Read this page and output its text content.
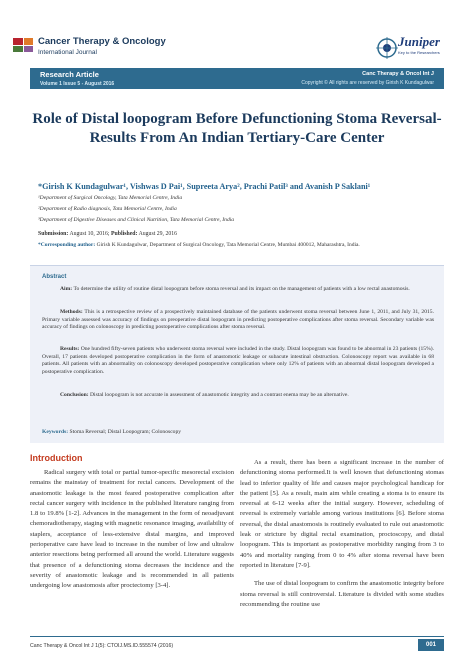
Cancer Therapy & Oncology
International Journal
Juniper
Key to the Researchers
Research Article
Volume 1 Issue 5 - August 2016
Canc Therapy & Oncol Int J
Copyright © All rights are reserved by Girish K Kundagulwar
Role of Distal loopogram Before Defunctioning Stoma Reversal-
Results From An Indian Tertiary-Care Center
*Girish K Kundagulwar¹, Vishwas D Pai¹, Supreeta Arya², Prachi Patil³ and Avanish P Saklani¹
¹Department of Surgical Oncology, Tata Memorial Centre, India
²Department of Radio diagnosis, Tata Memorial Centre, India
³Department of Digestive Diseases and Clinical Nutrition, Tata Memorial Centre, India
Submission: August 10, 2016; Published: August 29, 2016
*Corresponding author: Girish K Kundagulwar, Department of Surgical Oncology, Tata Memorial Centre, Mumbai 400012, Maharashtra, India.
Abstract
Aim: To determine the utility of routine distal loopogram before stoma reversal and its impact on the management of patients with a low rectal anastomosis.
Methods: This is a retrospective review of a prospectively maintained database of the patients underwent stoma reversal between June 1, 2011, and July 31, 2015. Primary variable assessed was accuracy of findings on preoperative distal loopogram in predicting postoperative complications after stoma reversal. Secondary variable was accuracy of findings on colonoscopy in predicting postoperative complications after stoma reversal.
Results: One hundred fifty-seven patients who underwent stoma reversal were included in the study. Distal loopogram was found to be abnormal in 23 patients (15%). Overall, 17 patients developed postoperative complication in the form of anastomotic leakage or subacute intestinal obstruction. Colonoscopy report was available in 68 patients. All patients with an abnormality on colonoscopy developed postoperative complication where only 12% of patients with an abnormal distal loopogram developed a postoperative complication.
Conclusion: Distal loopogram is not accurate in assessment of anastomotic integrity and a contrast enema may be an alternative.
Keywords: Stoma Reversal; Distal Loopogram; Colonoscopy
Introduction

Radical surgery with total or partial tumor-specific mesorectal excision remains the mainstay of treatment for rectal cancers. Development of the anastomotic leakage is the most feared postoperative complication after rectal cancer surgery with incidence in the published literature ranging from 1.8 to 19.8% [1-2]. Advances in the management in the form of neoadjuvant chemoradiotherapy, staging with magnetic resonance imaging, availability of staplers, acceptance of less-extensive distal margins, and improved perioperative care have lead to increase in the number of low and ultralow anterior resections being performed all around the world. Literature suggests that presence of a defunctioning stoma decreases the incidence and the severity of anastomotic leakage and is recommended in all patients undergoing low anastomosis after proctectomy [3-4].

As a result, there has been a significant increase in the number of defunctioning stoma performed.It is well known that defunctioning stomas lead to inferior quality of life and causes major psychological handicap for the patient [5]. As a result, main aim while creating a stoma is to ensure its reversal at 6-12 weeks after the initial surgery. However, scheduling of reversal is extremely variable among various institutions [6]. Before stoma reversal, the distal anastomosis is routinely evaluated to rule out anastomotic leak or stricture by digital rectal examination, proctoscopy, and distal loopogram. This is important as postoperative morbidity ranging from 3 to 40% and mortality ranging from 0 to 4% after stoma reversal have been reported in literature [7-9].

The use of distal loopogram to confirm the anastomotic integrity before stoma reversal is still controversial. Literature is divided with some studies recommending the routine use

Canc Therapy & Oncol Int J 1(5): CTOIJ.MS.ID.555574 (2016)	001
